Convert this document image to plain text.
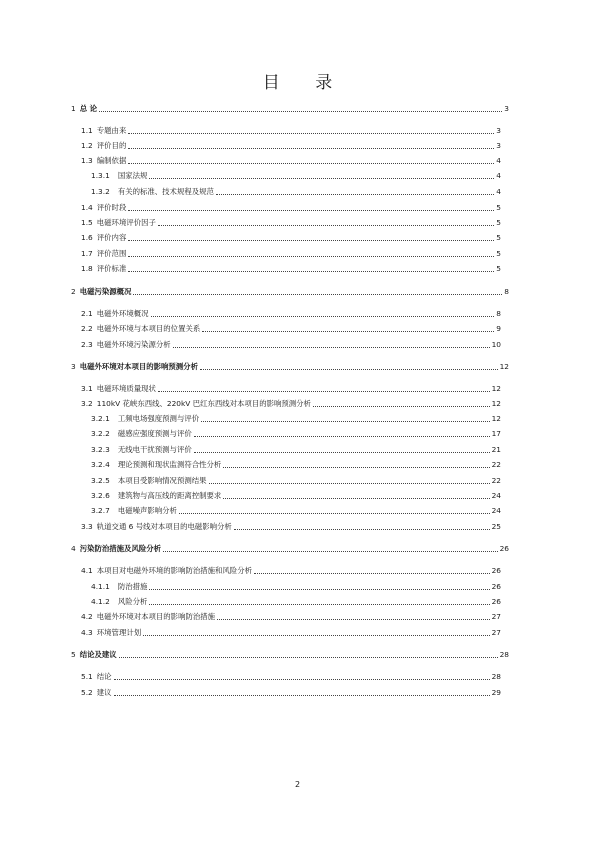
目 录
1 总 论	3
1.1 专题由来	3
1.2 评价目的	3
1.3 编制依据	4
1.3.1 国家法规	4
1.3.2 有关的标准、技术规程及规范	4
1.4 评价时段	5
1.5 电磁环境评价因子	5
1.6 评价内容	5
1.7 评价范围	5
1.8 评价标准	5
2 电磁污染源概况	8
2.1 电磁外环境概况	8
2.2 电磁外环境与本项目的位置关系	9
2.3 电磁外环境污染源分析	10
3 电磁外环境对本项目的影响预测分析	12
3.1 电磁环境质量现状	12
3.2 110kV 花峡东西线、220kV 巴红东西线对本项目的影响预测分析	12
3.2.1 工频电场强度预测与评价	12
3.2.2 磁感应强度预测与评价	17
3.2.3 无线电干扰预测与评价	21
3.2.4 理论预测和现状监测符合性分析	22
3.2.5 本项目受影响情况预测结果	22
3.2.6 建筑物与高压线的距离控制要求	24
3.2.7 电磁噪声影响分析	24
3.3 轨道交通 6 号线对本项目的电磁影响分析	25
4 污染防治措施及风险分析	26
4.1 本项目对电磁外环境的影响防治措施和风险分析	26
4.1.1 防治措施	26
4.1.2 风险分析	26
4.2 电磁外环境对本项目的影响防治措施	27
4.3 环境管理计划	27
5 结论及建议	28
5.1 结论	28
5.2 建议	29
2
